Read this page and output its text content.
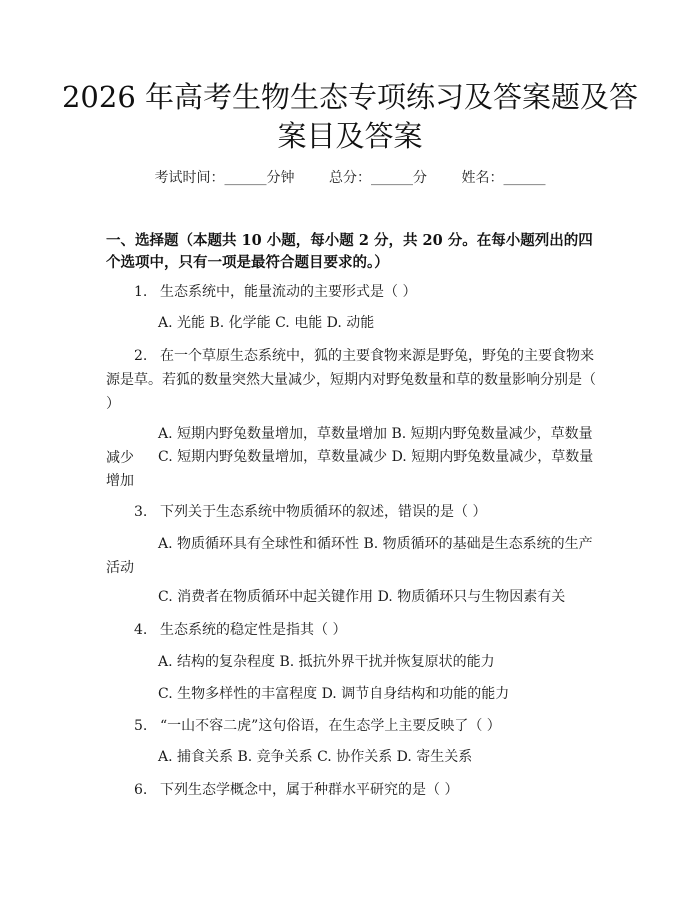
2026 年高考生物生态专项练习及答案题及答案目及答案
考试时间：______分钟 总分：______分 姓名：______
一、选择题（本题共 10 小题，每小题 2 分，共 20 分。在每小题列出的四个选项中，只有一项是最符合题目要求的。）

1. 生态系统中，能量流动的主要形式是（ ）

A. 光能 B. 化学能 C. 电能 D. 动能

2. 在一个草原生态系统中，狐的主要食物来源是野兔，野兔的主要食物来源是草。若狐的数量突然大量减少，短期内对野兔数量和草的数量影响分别是（ ）

A. 短期内野兔数量增加，草数量增加 B. 短期内野兔数量减少，草数量减少	C. 短期内野兔数量增加，草数量减少 D. 短期内野兔数量减少，草数量增加

3. 下列关于生态系统中物质循环的叙述，错误的是（ ）

A. 物质循环具有全球性和循环性 B. 物质循环的基础是生态系统的生产活动

C. 消费者在物质循环中起关键作用 D. 物质循环只与生物因素有关

4. 生态系统的稳定性是指其（ ）

A. 结构的复杂程度 B. 抵抗外界干扰并恢复原状的能力

C. 生物多样性的丰富程度 D. 调节自身结构和功能的能力

5. “一山不容二虎”这句俗语，在生态学上主要反映了（ ）

A. 捕食关系 B. 竞争关系 C. 协作关系 D. 寄生关系

6. 下列生态学概念中，属于种群水平研究的是（ ）
